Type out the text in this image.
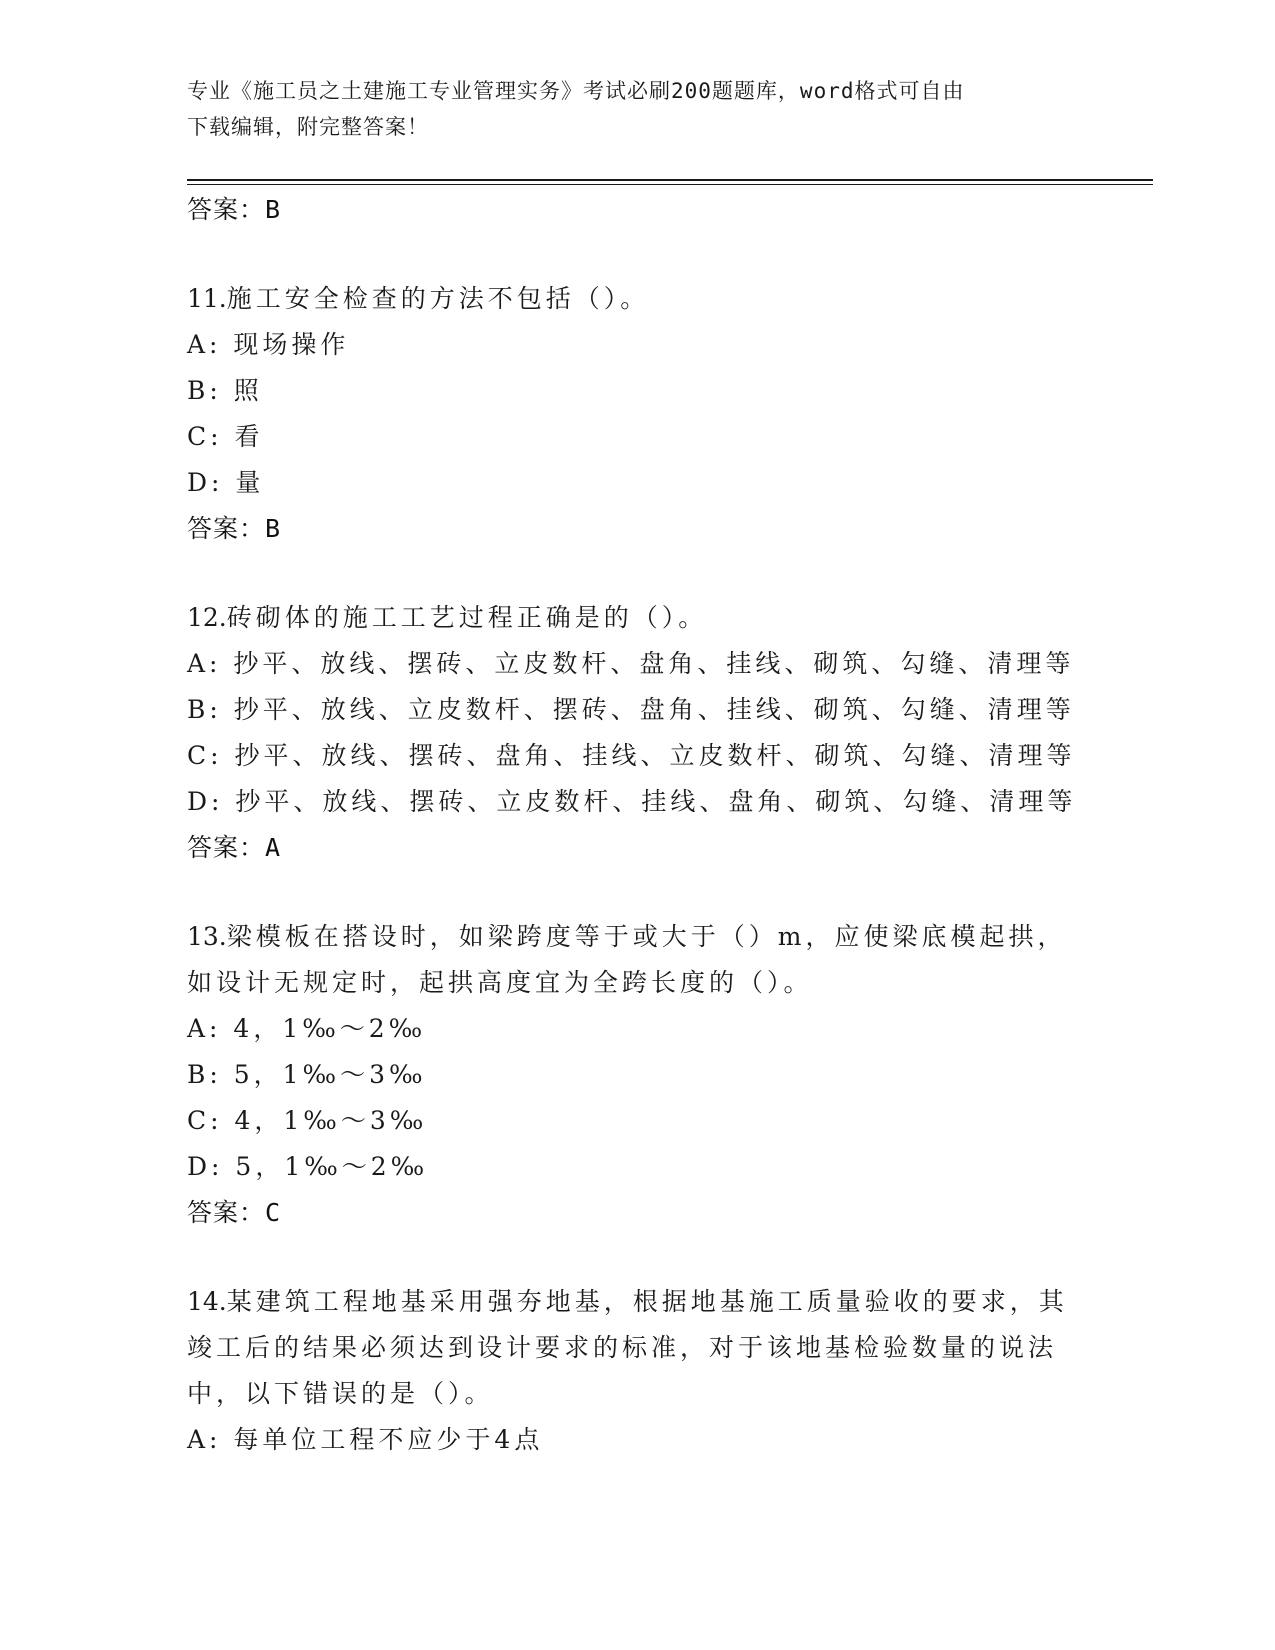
专业《施工员之土建施工专业管理实务》考试必刷200题题库，word格式可自由
下载编辑，附完整答案！
答案：B
11.施工安全检查的方法不包括（）。
A: 现场操作
B: 照
C: 看
D: 量
答案：B
12.砖砌体的施工工艺过程正确是的（）。
A: 抄平、放线、摆砖、立皮数杆、盘角、挂线、砌筑、勾缝、清理等
B: 抄平、放线、立皮数杆、摆砖、盘角、挂线、砌筑、勾缝、清理等
C: 抄平、放线、摆砖、盘角、挂线、立皮数杆、砌筑、勾缝、清理等
D: 抄平、放线、摆砖、立皮数杆、挂线、盘角、砌筑、勾缝、清理等
答案：A
13.梁模板在搭设时，如梁跨度等于或大于（）m，应使梁底模起拱，
如设计无规定时，起拱高度宜为全跨长度的（）。
A: 4，1‰～2‰
B: 5，1‰～3‰
C: 4，1‰～3‰
D: 5，1‰～2‰
答案：C
14.某建筑工程地基采用强夯地基，根据地基施工质量验收的要求，其
竣工后的结果必须达到设计要求的标准，对于该地基检验数量的说法
中，以下错误的是（）。
A: 每单位工程不应少于4点
